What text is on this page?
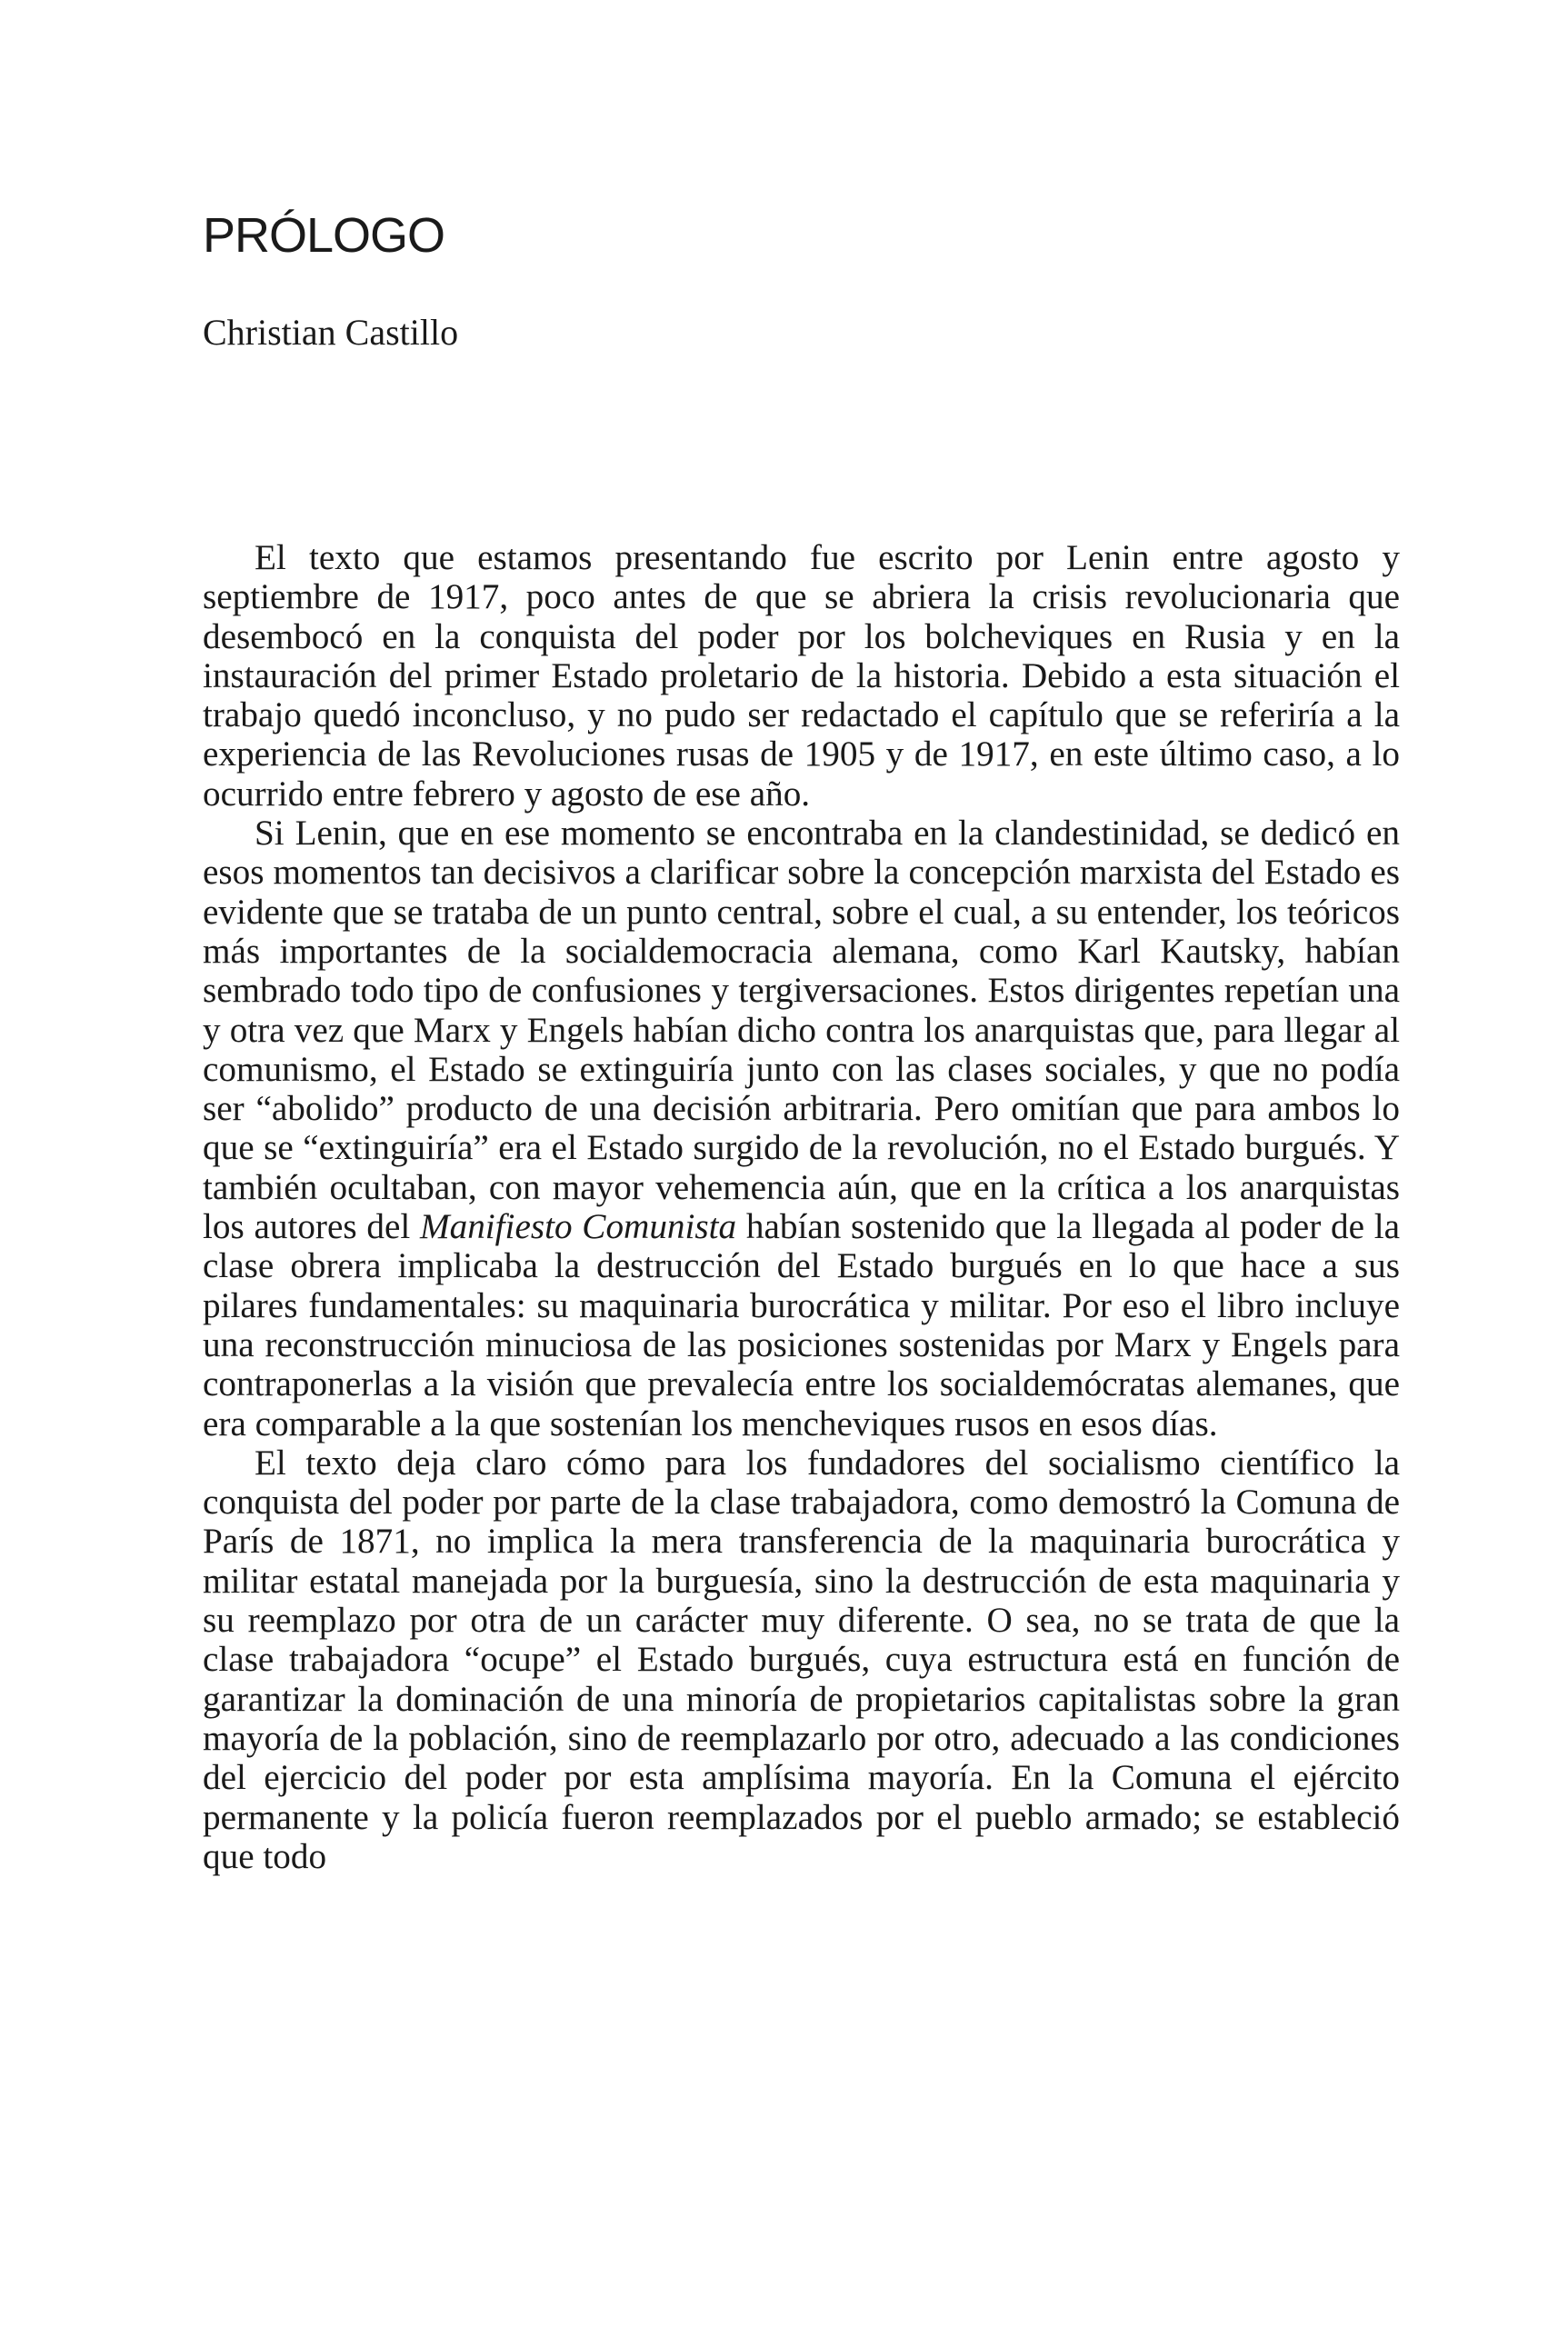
PRÓLOGO

Christian Castillo

El texto que estamos presentando fue escrito por Lenin entre agosto y septiembre de 1917, poco antes de que se abriera la crisis revolucionaria que desembocó en la conquista del poder por los bolcheviques en Rusia y en la instauración del primer Estado proletario de la historia. Debido a esta situación el trabajo quedó inconcluso, y no pudo ser redactado el capítulo que se referiría a la experiencia de las Revoluciones rusas de 1905 y de 1917, en este último caso, a lo ocurrido entre febrero y agosto de ese año.

Si Lenin, que en ese momento se encontraba en la clandestinidad, se dedicó en esos momentos tan decisivos a clarificar sobre la concepción marxista del Estado es evidente que se trataba de un punto central, sobre el cual, a su entender, los teóricos más importantes de la socialdemocracia alemana, como Karl Kautsky, habían sembrado todo tipo de confusiones y tergiversaciones. Estos dirigentes repetían una y otra vez que Marx y Engels habían dicho contra los anarquistas que, para llegar al comunismo, el Estado se extinguiría junto con las clases sociales, y que no podía ser “abolido” producto de una decisión arbitraria. Pero omitían que para ambos lo que se “extinguiría” era el Estado surgido de la revolución, no el Estado burgués. Y también ocultaban, con mayor vehemencia aún, que en la crítica a los anarquistas los autores del Manifiesto Comunista habían sostenido que la llegada al poder de la clase obrera implicaba la destrucción del Estado burgués en lo que hace a sus pilares fundamentales: su maquinaria burocrática y militar. Por eso el libro incluye una reconstrucción minuciosa de las posiciones sostenidas por Marx y Engels para contraponerlas a la visión que prevalecía entre los socialdemócratas alemanes, que era comparable a la que sostenían los mencheviques rusos en esos días.

El texto deja claro cómo para los fundadores del socialismo científico la conquista del poder por parte de la clase trabajadora, como demostró la Comuna de París de 1871, no implica la mera transferencia de la maquinaria burocrática y militar estatal manejada por la burguesía, sino la destrucción de esta maquinaria y su reemplazo por otra de un carácter muy diferente. O sea, no se trata de que la clase trabajadora “ocupe” el Estado burgués, cuya estructura está en función de garantizar la dominación de una minoría de propietarios capitalistas sobre la gran mayoría de la población, sino de reemplazarlo por otro, adecuado a las condiciones del ejercicio del poder por esta amplísima mayoría. En la Comuna el ejército permanente y la policía fueron reemplazados por el pueblo armado; se estableció que todo
